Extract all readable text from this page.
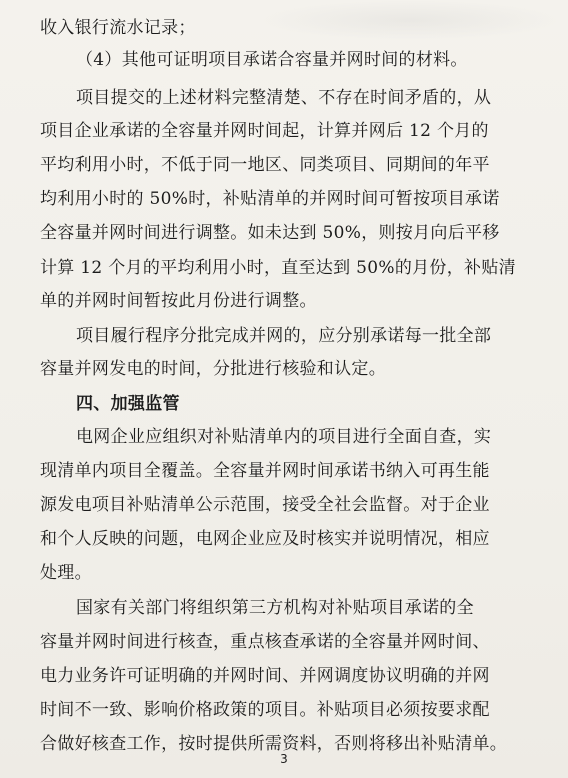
收入银行流水记录；
（4）其他可证明项目承诺合容量并网时间的材料。
项目提交的上述材料完整清楚、不存在时间矛盾的，从
项目企业承诺的全容量并网时间起，计算并网后 12 个月的
平均利用小时，不低于同一地区、同类项目、同期间的年平
均利用小时的 50%时，补贴清单的并网时间可暂按项目承诺
全容量并网时间进行调整。如未达到 50%，则按月向后平移
计算 12 个月的平均利用小时，直至达到 50%的月份，补贴清
单的并网时间暂按此月份进行调整。
项目履行程序分批完成并网的，应分别承诺每一批全部
容量并网发电的时间，分批进行核验和认定。
四、加强监管
电网企业应组织对补贴清单内的项目进行全面自查，实
现清单内项目全覆盖。全容量并网时间承诺书纳入可再生能
源发电项目补贴清单公示范围，接受全社会监督。对于企业
和个人反映的问题，电网企业应及时核实并说明情况，相应
处理。
国家有关部门将组织第三方机构对补贴项目承诺的全
容量并网时间进行核查，重点核查承诺的全容量并网时间、
电力业务许可证明确的并网时间、并网调度协议明确的并网
时间不一致、影响价格政策的项目。补贴项目必须按要求配
合做好核查工作，按时提供所需资料，否则将移出补贴清单。
3
